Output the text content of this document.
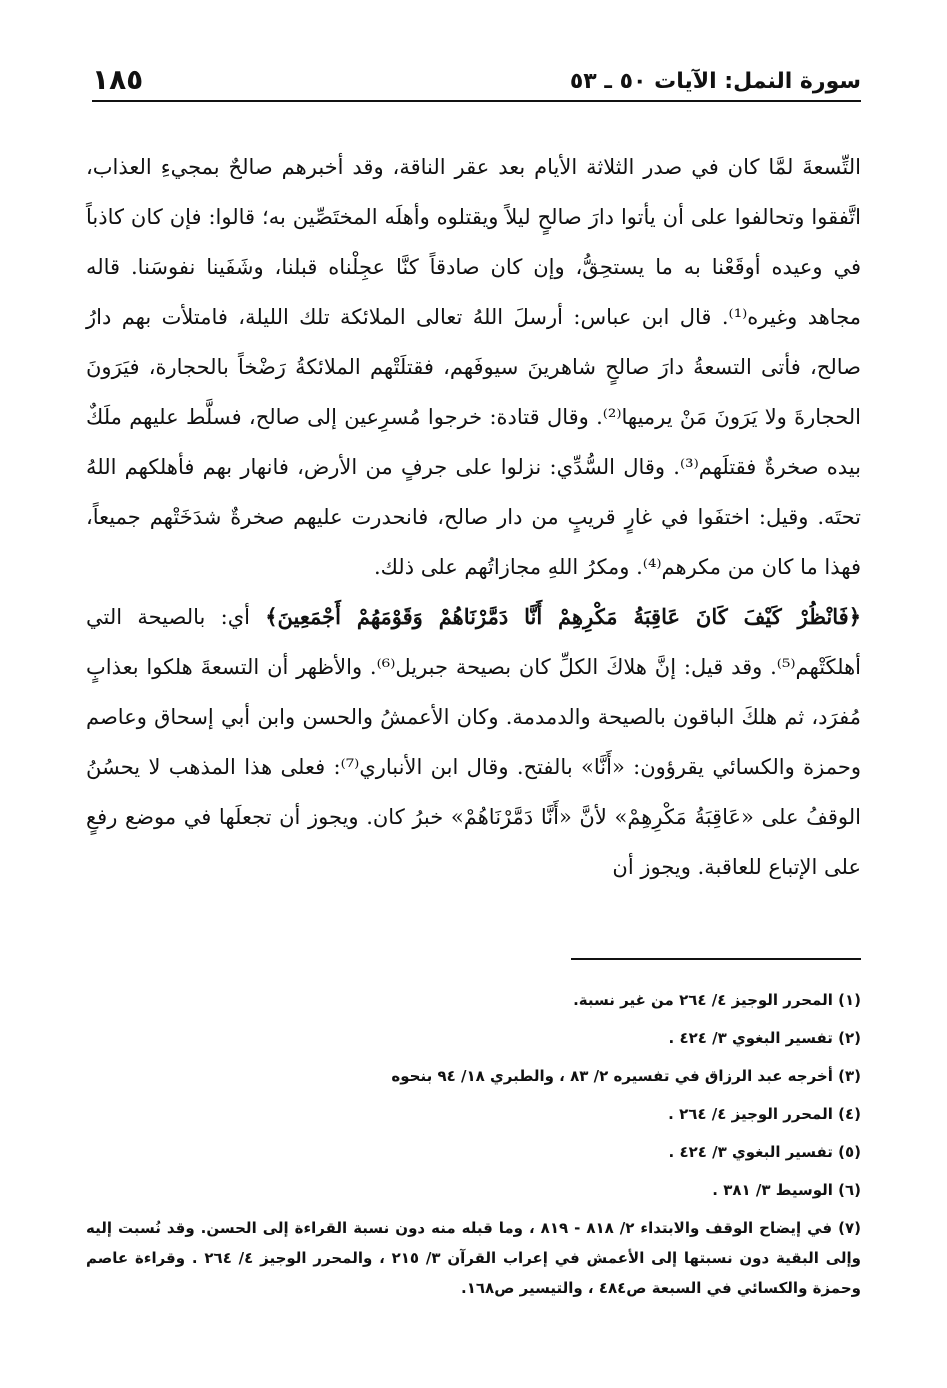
سورة النمل: الآيات ٥٠ ـ ٥٣
١٨٥

التِّسعةَ لمَّا كان في صدر الثلاثة الأيام بعد عقر الناقة، وقد أخبرهم صالحٌ بمجيءِ العذاب، اتَّفقوا وتحالفوا على أن يأتوا دارَ صالحٍ ليلاً ويقتلوه وأهلَه المختَصِّين به؛ قالوا: فإن كان كاذباً في وعيده أوقَعْنا به ما يستحِقُّ، وإن كان صادقاً كنَّا عجِلْناه قبلنا، وشَفَينا نفوسَنا. قاله مجاهد وغيره⁽¹⁾. قال ابن عباس: أرسلَ اللهُ تعالى الملائكة تلك الليلة، فامتلأت بهم دارُ صالح، فأتى التسعةُ دارَ صالحٍ شاهرينَ سيوفَهم، فقتلَتْهم الملائكةُ رَضْخاً بالحجارة، فيَرَونَ الحجارةَ ولا يَرَونَ مَنْ يرميها⁽²⁾. وقال قتادة: خرجوا مُسرِعين إلى صالح، فسلَّط عليهم ملَكٌ بيده صخرةٌ فقتلَهم⁽³⁾. وقال السُّدِّي: نزلوا على جرفٍ من الأرض، فانهار بهم فأهلكهم اللهُ تحتَه. وقيل: اختفَوا في غارٍ قريبٍ من دار صالح، فانحدرت عليهم صخرةٌ شدَخَتْهم جميعاً، فهذا ما كان من مكرهم⁽⁴⁾. ومكرُ اللهِ مجازاتُهم على ذلك.

﴿فَانْظُرْ كَيْفَ كَانَ عَاقِبَةُ مَكْرِهِمْ أَنَّا دَمَّرْنَاهُمْ وَقَوْمَهُمْ أَجْمَعِينَ﴾ أي: بالصيحة التي أهلكَتْهم⁽⁵⁾. وقد قيل: إنَّ هلاكَ الكلِّ كان بصيحة جبريل⁽⁶⁾. والأظهر أن التسعةَ هلكوا بعذابٍ مُفرَد، ثم هلكَ الباقون بالصيحة والدمدمة. وكان الأعمشُ والحسن وابن أبي إسحاق وعاصم وحمزة والكسائي يقرؤون: «أَنَّا» بالفتح. وقال ابن الأنباري⁽⁷⁾: فعلى هذا المذهب لا يحسُنُ الوقفُ على «عَاقِبَةُ مَكْرِهِمْ» لأنَّ «أَنَّا دَمَّرْنَاهُمْ» خبرُ كان. ويجوز أن تجعلَها في موضع رفعٍ على الإتباع للعاقبة. ويجوز أن

(١) المحرر الوجيز ٤/ ٢٦٤ من غير نسبة.

(٢) تفسير البغوي ٣/ ٤٢٤ .

(٣) أخرجه عبد الرزاق في تفسيره ٢/ ٨٣ ، والطبري ١٨/ ٩٤ بنحوه

(٤) المحرر الوجيز ٤/ ٢٦٤ .

(٥) تفسير البغوي ٣/ ٤٢٤ .

(٦) الوسيط ٣/ ٣٨١ .

(٧) في إيضاح الوقف والابتداء ٢/ ٨١٨ - ٨١٩ ، وما قبله منه دون نسبة القراءة إلى الحسن. وقد نُسبت إليه وإلى البقية دون نسبتها إلى الأعمش في إعراب القرآن ٣/ ٢١٥ ، والمحرر الوجيز ٤/ ٢٦٤ . وقراءة عاصم وحمزة والكسائي في السبعة ص٤٨٤ ، والتيسير ص١٦٨.
